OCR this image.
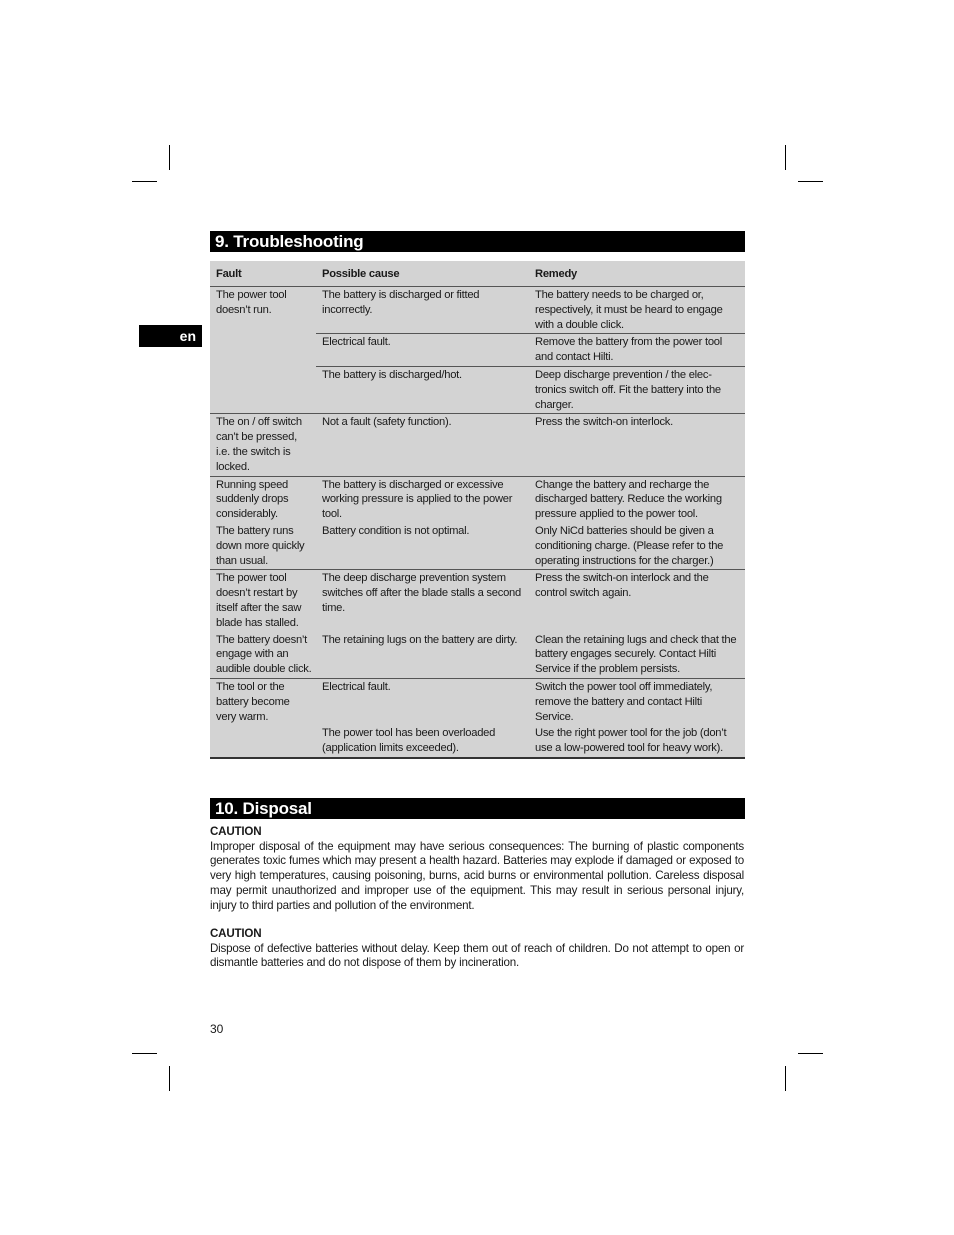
en
9. Troubleshooting
Fault	Possible cause	Remedy
The power tool doesn’t run.	The battery is discharged or fitted incorrectly.	The battery needs to be charged or, respectively, it must be heard to engage with a double click.
	Electrical fault.	Remove the battery from the power tool and contact Hilti.
	The battery is discharged/hot.	Deep discharge prevention / the elec-tronics switch off. Fit the battery into the charger.
The on / off switch can’t be pressed, i.e. the switch is locked.	Not a fault (safety function).	Press the switch-on interlock.
Running speed suddenly drops considerably.	The battery is discharged or excessive working pressure is applied to the power tool.	Change the battery and recharge the discharged battery. Reduce the working pressure applied to the power tool.
The battery runs down more quickly than usual.	Battery condition is not optimal.	Only NiCd batteries should be given a conditioning charge. (Please refer to the operating instructions for the charger.)
The power tool doesn’t restart by itself after the saw blade has stalled.	The deep discharge prevention system switches off after the blade stalls a second time.	Press the switch-on interlock and the control switch again.
The battery doesn’t engage with an audible double click.	The retaining lugs on the battery are dirty.	Clean the retaining lugs and check that the battery engages securely. Contact Hilti Service if the problem persists.
The tool or the battery become very warm.	Electrical fault.	Switch the power tool off immediately, remove the battery and contact Hilti Service.
	The power tool has been overloaded (application limits exceeded).	Use the right power tool for the job (don’t use a low-powered tool for heavy work).
10. Disposal
CAUTION
Improper disposal of the equipment may have serious consequences: The burning of plastic components generates toxic fumes which may present a health hazard. Batteries may explode if damaged or exposed to very high temperatures, causing poisoning, burns, acid burns or environmental pollution. Careless disposal may permit unauthorized and improper use of the equipment. This may result in serious personal injury, injury to third parties and pollution of the environment.
CAUTION
Dispose of defective batteries without delay. Keep them out of reach of children. Do not attempt to open or dismantle batteries and do not dispose of them by incineration.
30
